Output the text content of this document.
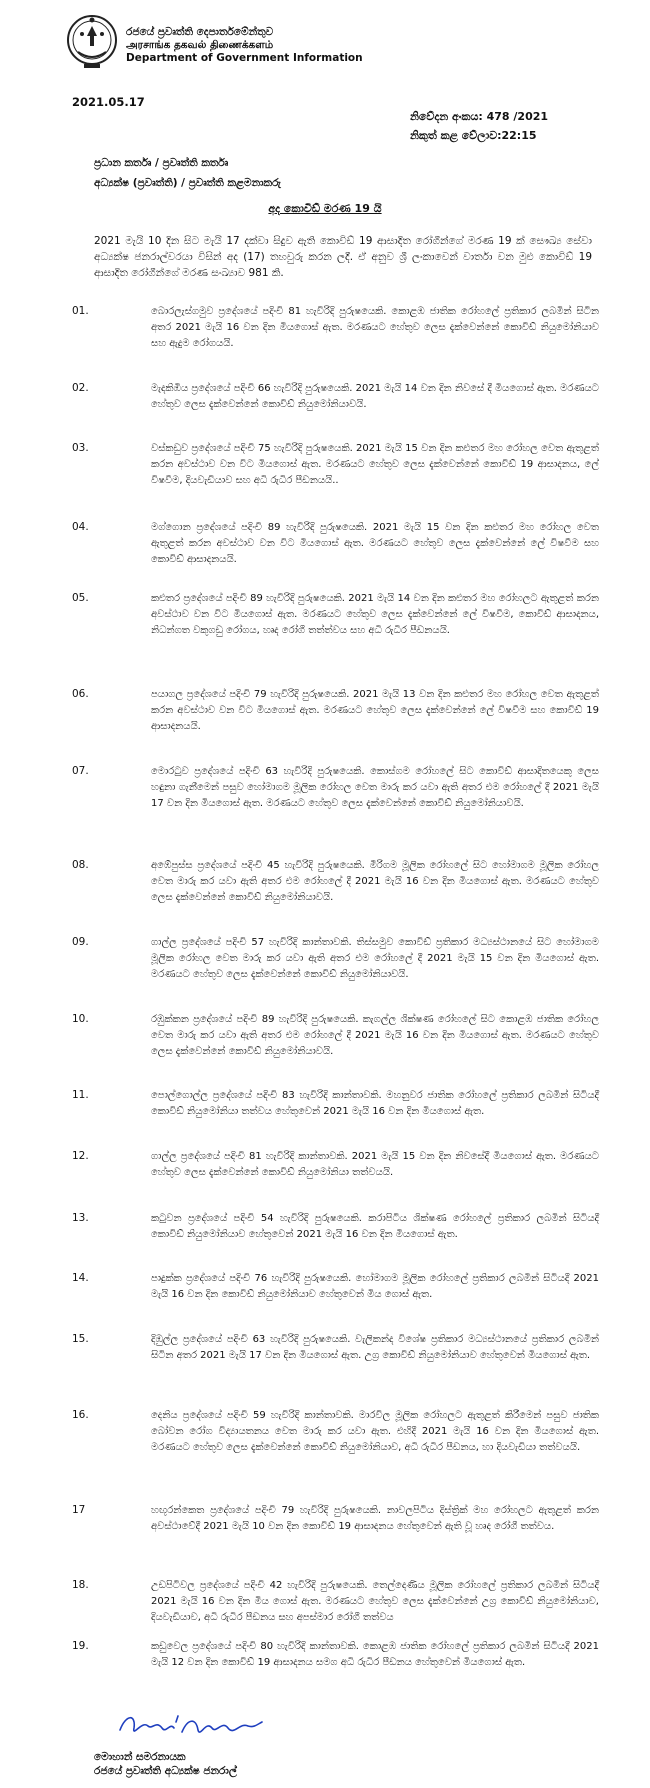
රජයේ ප්‍රවෘත්ති දෙපාර්තමේන්තුව
அரசாங்க தகவல் திணைக்களம்
Department of Government Information
2021.05.17
නිවේදන අංකය: 478 /2021
නිකුත් කළ වේලාව:22:15
ප්‍රධාන කර්තෘ / ප්‍රවෘත්ති කර්තෘ
අධ්‍යක්ෂ (ප්‍රවෘත්ති) / ප්‍රවෘත්ති කළමනාකරු
අද කොවිඩ් මරණ 19 යි

2021 මැයි 10 දින සිට මැයි 17 දක්වා සිදුව ඇති කොවිඩ් 19 ආසාදිත රෝගීන්ගේ මරණ 19 ක් සෞඛ්‍ය සේවා අධ්‍යක්ෂ ජනරාල්වරයා විසින් අද (17) තහවුරු කරන ලදී. ඒ අනුව ශ්‍රී ලංකාවෙන් වාර්තා වන මුළු කොවිඩ් 19 ආසාදිත රෝගීන්ගේ මරණ සංඛ්‍යාව 981 කි.

01.	බොරලැස්ගමුව ප්‍රදේශයේ පදිංචි 81 හැවිරිදි පුරුෂයෙකි. කොළඹ ජාතික රෝහලේ ප්‍රතිකාර ලබමින් සිටින අතර 2021 මැයි 16 වන දින මියගොස් ඇත. මරණයට හේතුව ලෙස දැක්වෙන්නේ කොවිඩ් නියුමෝනියාව සහ ඇදුම රෝගයයි.

02.	මැදකිඹිය ප්‍රදේශයේ පදිංචි 66 හැවිරිදි පුරුෂයෙකි. 2021 මැයි 14 වන දින නිවසේ දී මියගොස් ඇත. මරණයට හේතුව ලෙස දැක්වෙන්නේ කොවිඩ් නියුමෝනියාවයි.

03.	වස්කඩුව ප්‍රදේශයේ පදිංචි 75 හැවිරිදි පුරුෂයෙකි. 2021 මැයි 15 වන දින කළුතර මහ රෝහල වෙත ඇතුළත් කරන අවස්ථාව වන විට මියගොස් ඇත. මරණයට හේතුව ලෙස දැක්වෙන්නේ කොවිඩ් 19 ආසාදනය, ලේ විෂවීම, දියවැඩියාව සහ අධි රුධිර පීඩනයයි..

04.	මග්ගොන ප්‍රදේශයේ පදිංචි 89 හැවිරිදි පුරුෂයෙකි. 2021 මැයි 15 වන දින කළුතර මහ රෝහල වෙත ඇතුළත් කරන අවස්ථාව වන විට මියගොස් ඇත. මරණයට හේතුව ලෙස දැක්වෙන්නේ ලේ විෂවීම සහ කොවිඩ් ආසාදනයයි.

05.	කළුතර ප්‍රදේශයේ පදිංචි 89 හැවිරිදි පුරුෂයෙකි. 2021 මැයි 14 වන දින කළුතර මහ රෝහලට ඇතුළත් කරන අවස්ථාව වන විට මියගොස් ඇත. මරණයට හේතුව ලෙස දැක්වෙන්නේ ලේ විෂවීම, කොවිඩ් ආසාදනය, නිධන්ගත වකුගඩු රෝගය, හෘද රෝගී තත්ත්වය සහ අධි රුධිර පීඩනයයි.

06.	පයාගල ප්‍රදේශයේ පදිංචි 79 හැවිරිදි පුරුෂයෙකි. 2021 මැයි 13 වන දින කළුතර මහ රෝහල වෙත ඇතුළත් කරන අවස්ථාව වන විට මියගොස් ඇත. මරණයට හේතුව ලෙස දැක්වෙන්නේ ලේ විෂවීම සහ කොවිඩ් 19 ආසාදනයයි.

07.	මොරටුව ප්‍රදේශයේ පදිංචි 63 හැවිරිදි පුරුෂයෙකි. කොස්ගම රෝහලේ සිට කොවිඩ් ආසාදිතයෙකු ලෙස හඳුනා ගැනීමෙන් පසුව හෝමාගම මූලික රෝහල වෙත මාරු කර යවා ඇති අතර එම රෝහලේ දී 2021 මැයි 17 වන දින මියගොස් ඇත. මරණයට හේතුව ලෙස දැක්වෙන්නේ කොවිඩ් නියුමෝනියාවයි.

08.	අඹේපුස්ස ප්‍රදේශයේ පදිංචි 45 හැවිරිදි පුරුෂයෙකි. මීරිගම මූලික රෝහලේ සිට හෝමාගම මූලික රෝහල වෙත මාරු කර යවා ඇති අතර එම රෝහලේ දී 2021 මැයි 16 වන දින මියගොස් ඇත. මරණයට හේතුව ලෙස දැක්වෙන්නේ කොවිඩ් නියුමෝනියාවයි.

09.	ගාල්ල ප්‍රදේශයේ පදිංචි 57 හැවිරිදි කාන්තාවකි. තිස්සමුව කොවිඩ් ප්‍රතිකාර මධ්‍යස්ථානයේ සිට හෝමාගම මූලික රෝහල වෙත මාරු කර යවා ඇති අතර එම රෝහලේ දී 2021 මැයි 15 වන දින මියගොස් ඇත. මරණයට හේතුව ලෙස දැක්වෙන්නේ කොවිඩ් නියුමෝනියාවයි.

10.	රඹුක්කන ප්‍රදේශයේ පදිංචි 89 හැවිරිදි පුරුෂයෙකි. කැගල්ල ශික්ෂණ රෝහලේ සිට කොළඹ ජාතික රෝහල වෙත මාරු කර යවා ඇති අතර එම රෝහලේ දී 2021 මැයි 16 වන දින මියගොස් ඇත. මරණයට හේතුව ලෙස දැක්වෙන්නේ කොවිඩ් නියුමෝනියාවයි.

11.	පොල්ගොල්ල ප්‍රදේශයේ පදිංචි 83 හැවිරිදි කාන්තාවකි. මහනුවර ජාතික රෝහලේ ප්‍රතිකාර ලබමින් සිටියදී කොවිඩ් නියුමෝනියා තත්වය හේතුවෙන් 2021 මැයි 16 වන දින මියගොස් ඇත.

12.	ගාල්ල ප්‍රදේශයේ පදිංචි 81 හැවිරිදි කාන්තාවකි. 2021 මැයි 15 වන දින නිවසේදී මියගොස් ඇත. මරණයට හේතුව ලෙස දැක්වෙන්නේ කොවිඩ් නියුමෝනියා තත්වයයි.

13.	කටුවන ප්‍රදේශයේ පදිංචි 54 හැවිරිදි පුරුෂයෙකි. කරාපිටිය ශික්ෂණ රෝහලේ ප්‍රතිකාර ලබමින් සිටියදී කොවිඩ් නියුමෝනියාව හේතුවෙන් 2021 මැයි 16 වන දින මියගොස් ඇත.

14.	පාදුක්ක ප්‍රදේශයේ පදිංචි 76 හැවිරිදි පුරුෂයෙකි. හෝමාගම මූලික රෝහලේ ප්‍රතිකාර ලබමින් සිටියදී 2021 මැයි 16 වන දින කොවිඩ් නියුමෝනියාව හේතුවෙන් මිය ගොස් ඇත.

15.	දිඹුල්ල ප්‍රදේශයේ පදිංචි 63 හැවිරිදි පුරුෂයෙකි. වැලිකන්ද විශේෂ ප්‍රතිකාර මධ්‍යස්ථානයේ ප්‍රතිකාර ලබමින් සිටින අතර 2021 මැයි 17 වන දින මියගොස් ඇත. උග්‍ර කොවිඩ් නියුමෝනියාව හේතුවෙන් මියගොස් ඇත.

16.	දෙනිය ප්‍රදේශයේ පදිංචි 59 හැවිරිදි කාන්තාවකි. මාරවිල මූලික රෝහලට ඇතුළත් කිරීමෙන් පසුව ජාතික බෝවන රෝග විද්‍යායතනය වෙත මාරු කර යවා ඇත. එහිදී 2021 මැයි 16 වන දින මියගොස් ඇත. මරණයට හේතුව ලෙස දැක්වෙන්නේ කොවිඩ් නියුමෝනියාව, අධි රුධිර පීඩනය, හා දියවැඩියා තත්වයයි.

17	හඟුරන්කෙත ප්‍රදේශයේ පදිංචි 79 හැවිරිදි පුරුෂයෙකි. නාවලපිටිය දිස්ත්‍රික් මහ රෝහලට ඇතුළත් කරන අවස්ථාවේදී 2021 මැයි 10 වන දින කොවිඩ් 19 ආසාදනය හේතුවෙන් ඇති වූ හෘද රෝගී තත්වය.

18.	උඩපිටිවල ප්‍රදේශයේ පදිංචි 42 හැවිරිදි පුරුෂයෙකි. තෙල්දෙණිය මූලික රෝහලේ ප්‍රතිකාර ලබමින් සිටියදී 2021 මැයි 16 වන දින මිය ගොස් ඇත. මරණයට හේතුව ලෙස දැක්වෙන්නේ උග්‍ර කොවිඩ් නියුමෝනියාව, දියවැඩියාව, අධි රුධිර පීඩනය සහ අපස්මාර රෝගී තත්වය

19.	කඩුවෙල ප්‍රදේශයේ පදිංචි 80 හැවිරිදි කාන්තාවකි. කොළඹ ජාතික රෝහලේ ප්‍රතිකාර ලබමින් සිටියදී 2021 මැයි 12 වන දින කොවිඩ් 19 ආසාදනය සමග අධි රුධිර පීඩනය හේතුවෙන් මියගොස් ඇත.

මොහාන් සමරනායක
රජයේ ප්‍රවෘත්ති අධ්‍යක්ෂ ජනරාල්
